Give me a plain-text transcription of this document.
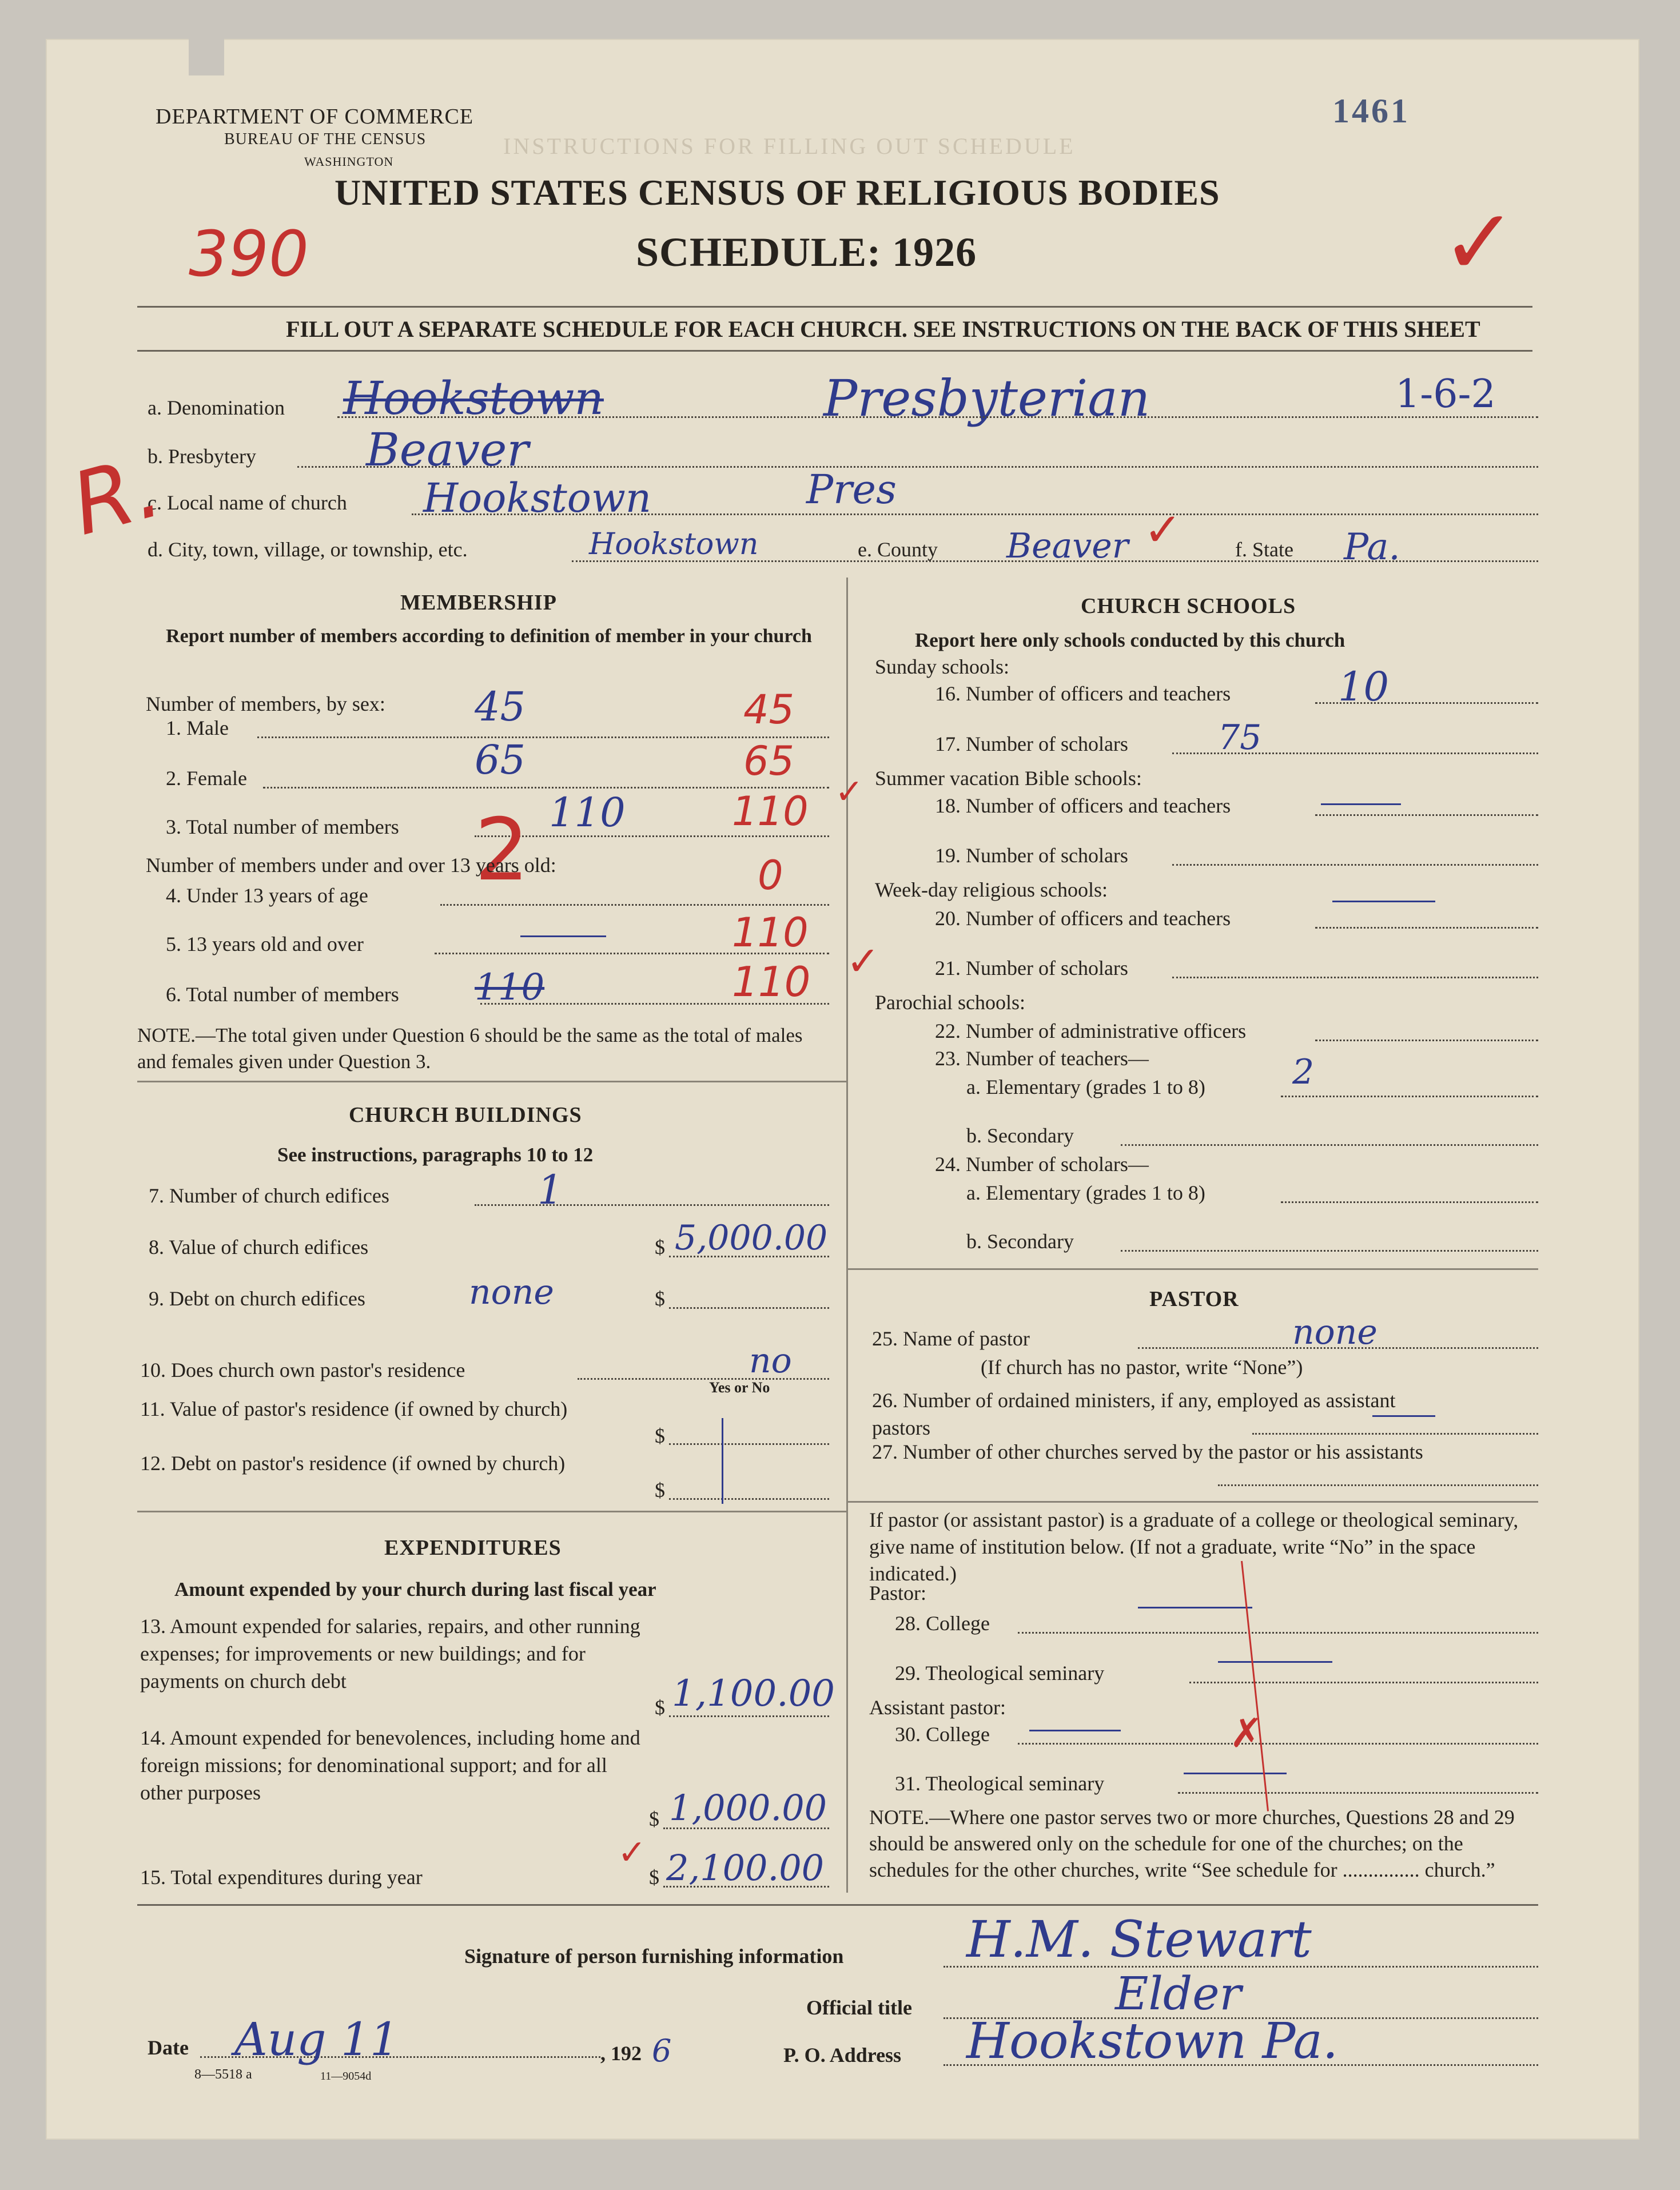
INSTRUCTIONS FOR FILLING OUT SCHEDULE
DEPARTMENT OF COMMERCE
BUREAU OF THE CENSUS
WASHINGTON
1461
UNITED STATES CENSUS OF RELIGIOUS BODIES
SCHEDULE: 1926
390	✓
FILL OUT A SEPARATE SCHEDULE FOR EACH CHURCH. SEE INSTRUCTIONS ON THE BACK OF THIS SHEET
a. Denomination Hookstown	Presbyterian	1-6-2
b. Presbytery Beaver
c. Local name of church Hookstown	Pres
R.
d. City, town, village, or township, etc.	Hookstown	e. County Beaver ✓	f. State Pa.
MEMBERSHIP
Report number of members according to definition of member in your church
Number of members, by sex:
1. Male	45	45
2. Female	65	65
3. Total number of members	110	110 ✓
2
Number of members under and over 13 years old:
4. Under 13 years of age	0
5. 13 years old and over	110
6. Total number of members 110	110 ✓
NOTE.—The total given under Question 6 should be the same as the total of males and females given under Question 3.
CHURCH BUILDINGS
See instructions, paragraphs 10 to 12
7. Number of church edifices	1
8. Value of church edifices	$ 5,000.00
9. Debt on church edifices	$
none
10. Does church own pastor's residence	no
Yes or No
11. Value of pastor's residence (if owned by church)
$
12. Debt on pastor's residence (if owned by church)
$
EXPENDITURES
Amount expended by your church during last fiscal year
13. Amount expended for salaries, repairs, and other running expenses; for improvements or new buildings; and for payments on church debt
$ 1,100.00
14. Amount expended for benevolences, including home and foreign missions; for denominational support; and for all other purposes
$ 1,000.00
✓
15. Total expenditures during year	$ 2,100.00
CHURCH SCHOOLS
Report here only schools conducted by this church
Sunday schools:
16. Number of officers and teachers	10
17. Number of scholars	75
Summer vacation Bible schools:
18. Number of officers and teachers
19. Number of scholars
Week-day religious schools:
20. Number of officers and teachers
21. Number of scholars
Parochial schools:
22. Number of administrative officers
23. Number of teachers—
a. Elementary (grades 1 to 8)	2
b. Secondary
24. Number of scholars—
a. Elementary (grades 1 to 8)
b. Secondary
PASTOR
25. Name of pastor	none
(If church has no pastor, write “None”)
26. Number of ordained ministers, if any, employed as assistant pastors
27. Number of other churches served by the pastor or his assistants
If pastor (or assistant pastor) is a graduate of a college or theological seminary, give name of institution below. (If not a graduate, write “No” in the space indicated.)
Pastor:
28. College
29. Theological seminary
Assistant pastor:
30. College
31. Theological seminary
✗
NOTE.—Where one pastor serves two or more churches, Questions 28 and 29 should be answered only on the schedule for one of the churches; on the schedules for the other churches, write “See schedule for ............... church.”
Signature of person furnishing information H.M. Stewart
Official title	Elder
Date Aug 11	, 192 6	P. O. Address Hookstown Pa.
8—5518 a	11—9054d
